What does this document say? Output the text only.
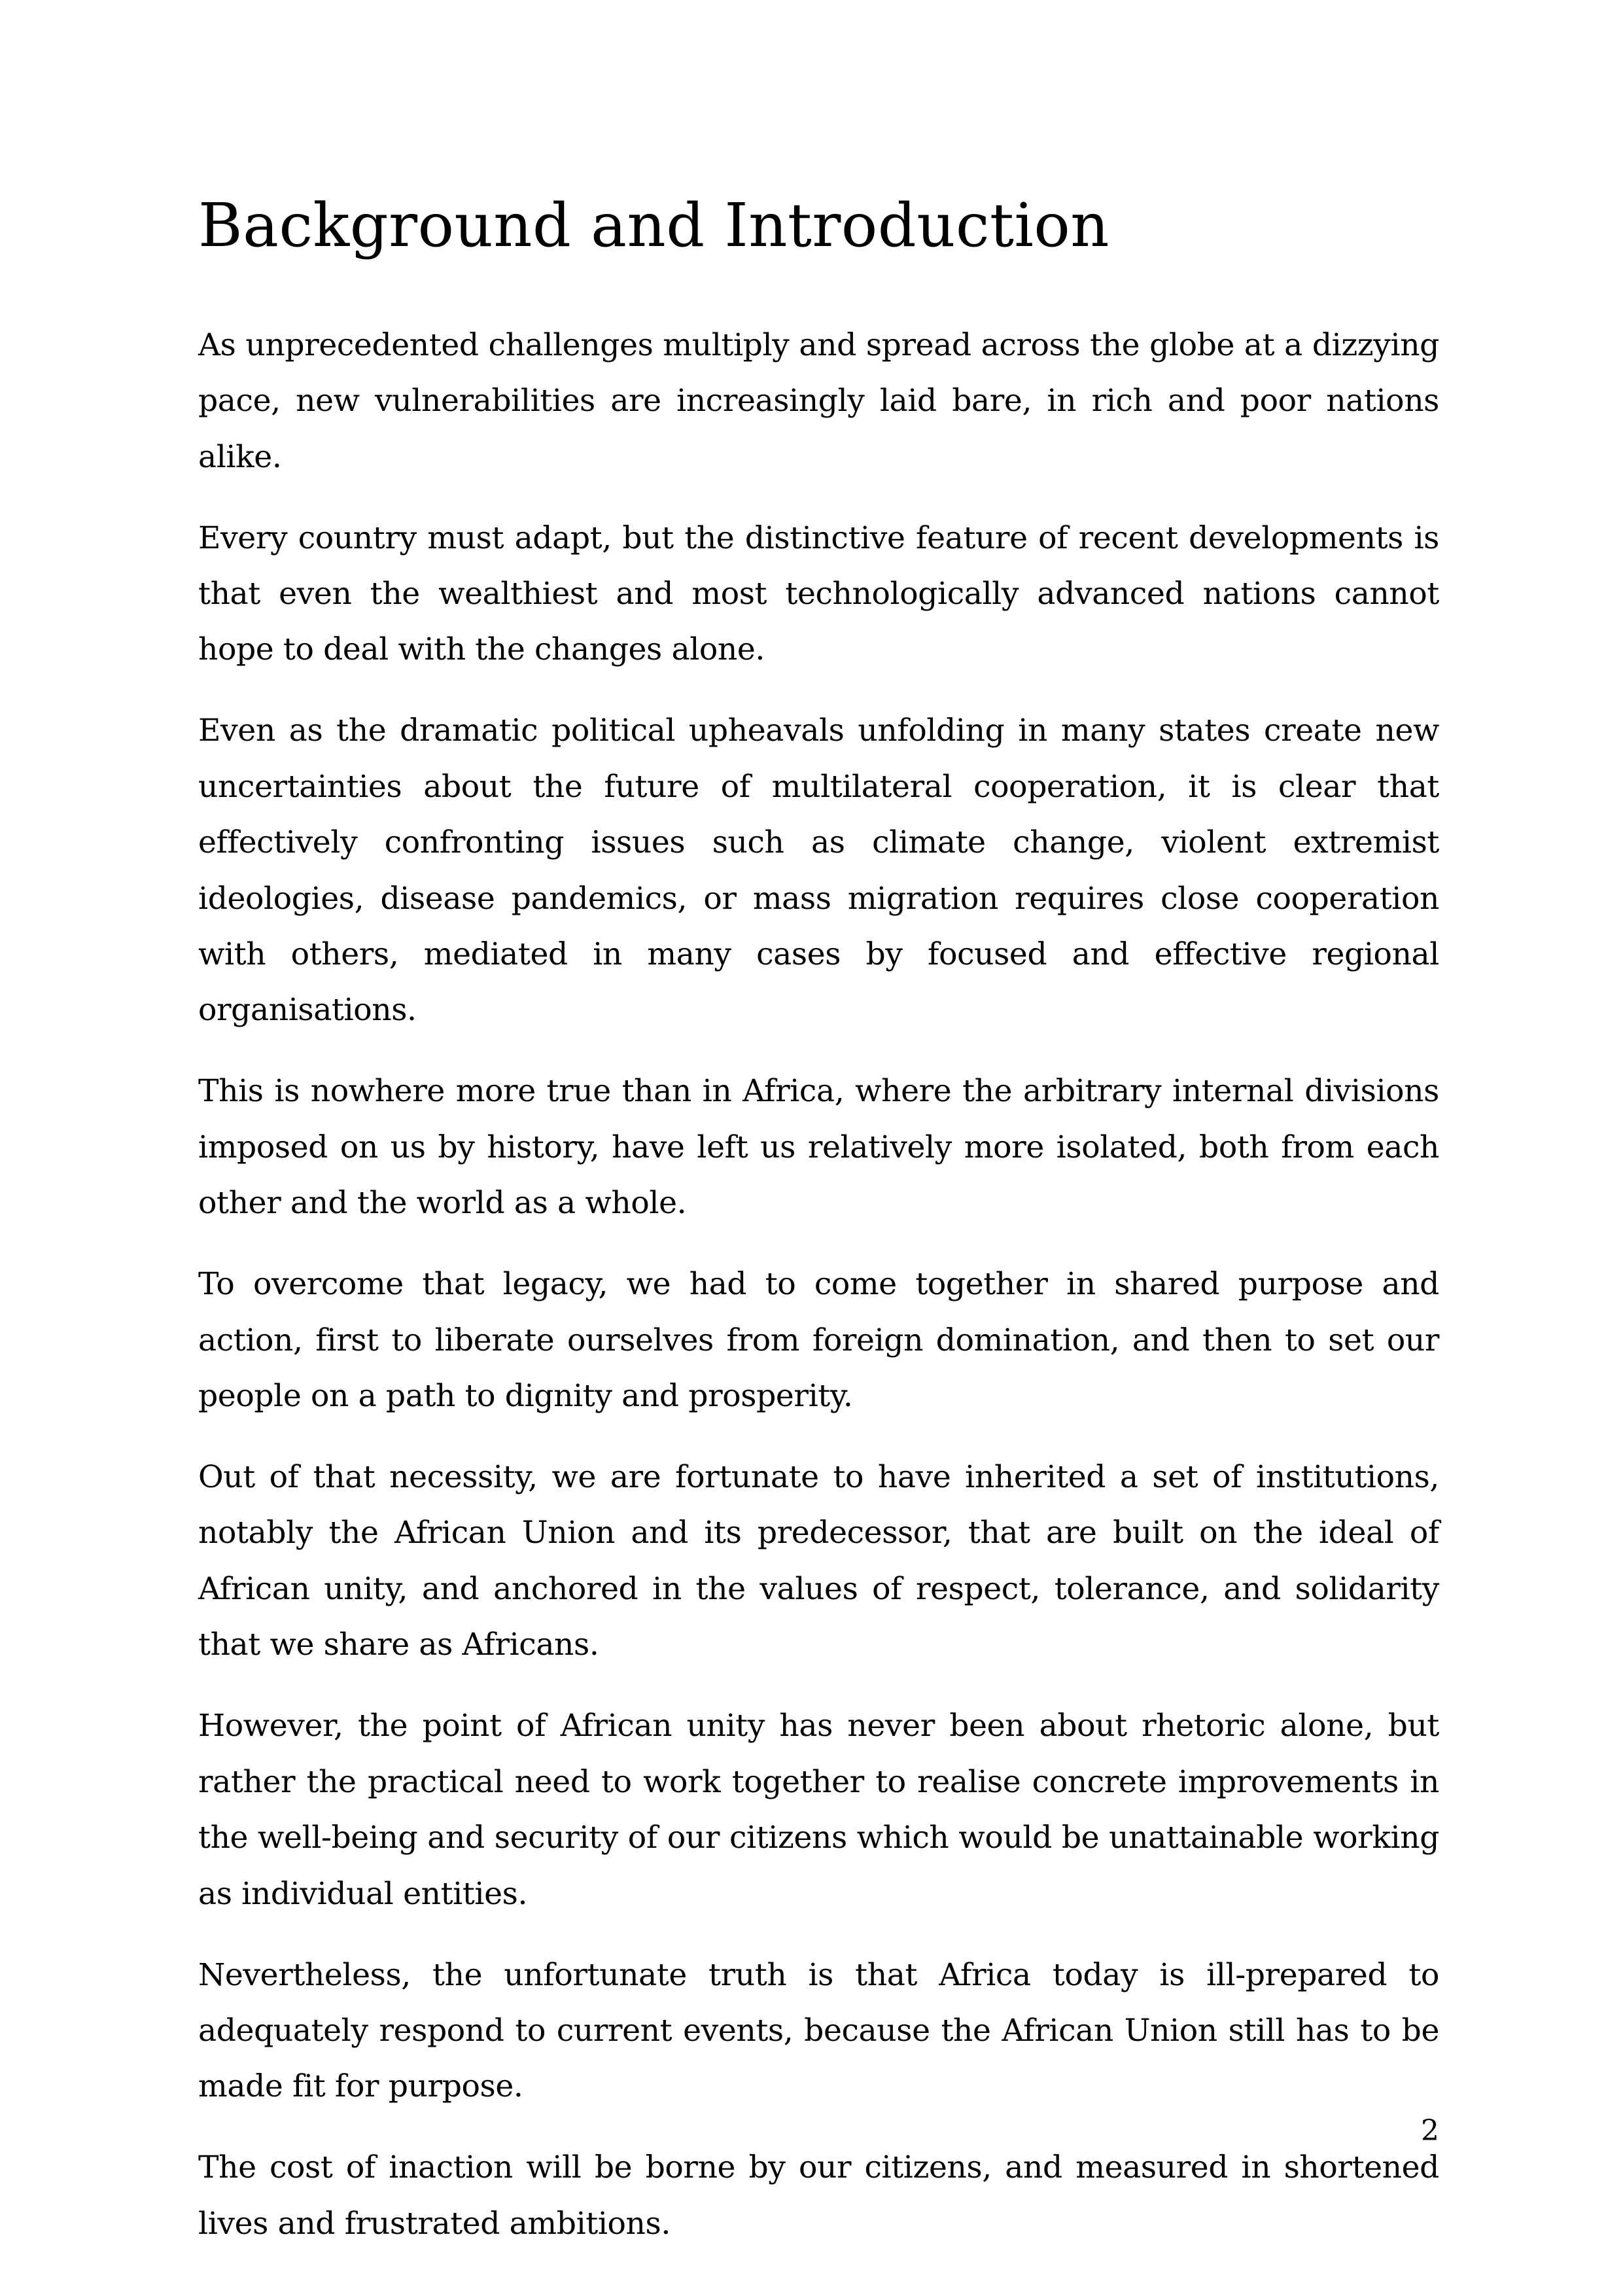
Background and Introduction

As unprecedented challenges multiply and spread across the globe at a dizzying pace, new vulnerabilities are increasingly laid bare, in rich and poor nations alike.

Every country must adapt, but the distinctive feature of recent developments is that even the wealthiest and most technologically advanced nations cannot hope to deal with the changes alone.

Even as the dramatic political upheavals unfolding in many states create new uncertainties about the future of multilateral cooperation, it is clear that effectively confronting issues such as climate change, violent extremist ideologies, disease pandemics, or mass migration requires close cooperation with others, mediated in many cases by focused and effective regional organisations.

This is nowhere more true than in Africa, where the arbitrary internal divisions imposed on us by history, have left us relatively more isolated, both from each other and the world as a whole.

To overcome that legacy, we had to come together in shared purpose and action, first to liberate ourselves from foreign domination, and then to set our people on a path to dignity and prosperity.

Out of that necessity, we are fortunate to have inherited a set of institutions, notably the African Union and its predecessor, that are built on the ideal of African unity, and anchored in the values of respect, tolerance, and solidarity that we share as Africans.

However, the point of African unity has never been about rhetoric alone, but rather the practical need to work together to realise concrete improvements in the well-being and security of our citizens which would be unattainable working as individual entities.

Nevertheless, the unfortunate truth is that Africa today is ill-prepared to adequately respond to current events, because the African Union still has to be made fit for purpose.

The cost of inaction will be borne by our citizens, and measured in shortened lives and frustrated ambitions.

2
